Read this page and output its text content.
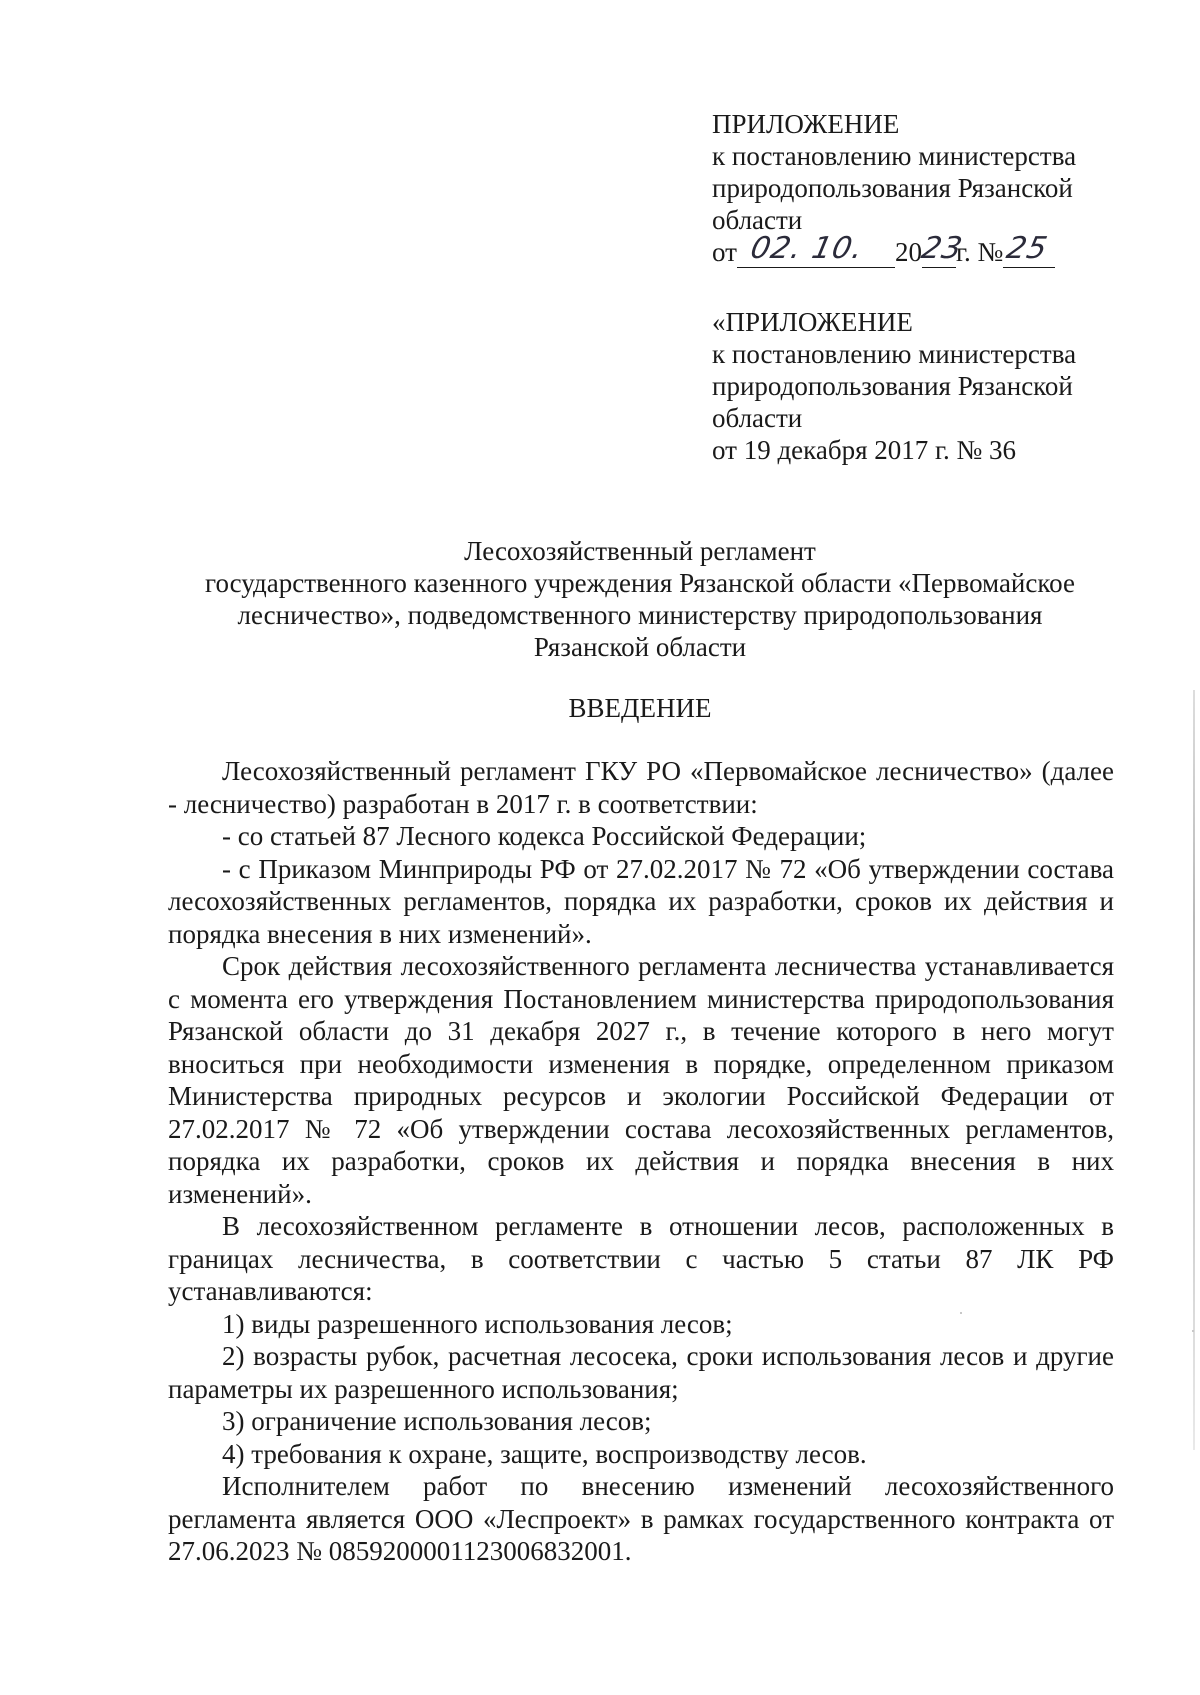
ПРИЛОЖЕНИЕ
к постановлению министерства
природопользования Рязанской
области
от 02. 10. 20
23
г. № 25
«ПРИЛОЖЕНИЕ
к постановлению министерства
природопользования Рязанской
области
от 19 декабря 2017 г. № 36
Лесохозяйственный регламент
государственного казенного учреждения Рязанской области «Первомайское
лесничество», подведомственного министерству природопользования
Рязанской области
ВВЕДЕНИЕ

Лесохозяйственный регламент ГКУ РО «Первомайское лесничество» (далее - лесничество) разработан в 2017 г. в соответствии:

- со статьей 87 Лесного кодекса Российской Федерации;

- с Приказом Минприроды РФ от 27.02.2017 № 72 «Об утверждении состава лесохозяйственных регламентов, порядка их разработки, сроков их действия и порядка внесения в них изменений».

Срок действия лесохозяйственного регламента лесничества устанавливается с момента его утверждения Постановлением министерства природопользования Рязанской области до 31 декабря 2027 г., в течение которого в него могут вноситься при необходимости изменения в порядке, определенном приказом Министерства природных ресурсов и экологии Российской Федерации от 27.02.2017 № 72 «Об утверждении состава лесохозяйственных регламентов, порядка их разработки, сроков их действия и порядка внесения в них изменений».

В лесохозяйственном регламенте в отношении лесов, расположенных в границах лесничества, в соответствии с частью 5 статьи 87 ЛК РФ устанавливаются:

1) виды разрешенного использования лесов;

2) возрасты рубок, расчетная лесосека, сроки использования лесов и другие параметры их разрешенного использования;

3) ограничение использования лесов;

4) требования к охране, защите, воспроизводству лесов.

Исполнителем работ по внесению изменений лесохозяйственного регламента является ООО «Леспроект» в рамках государственного контракта от 27.06.2023 № 0859200001123006832001.
